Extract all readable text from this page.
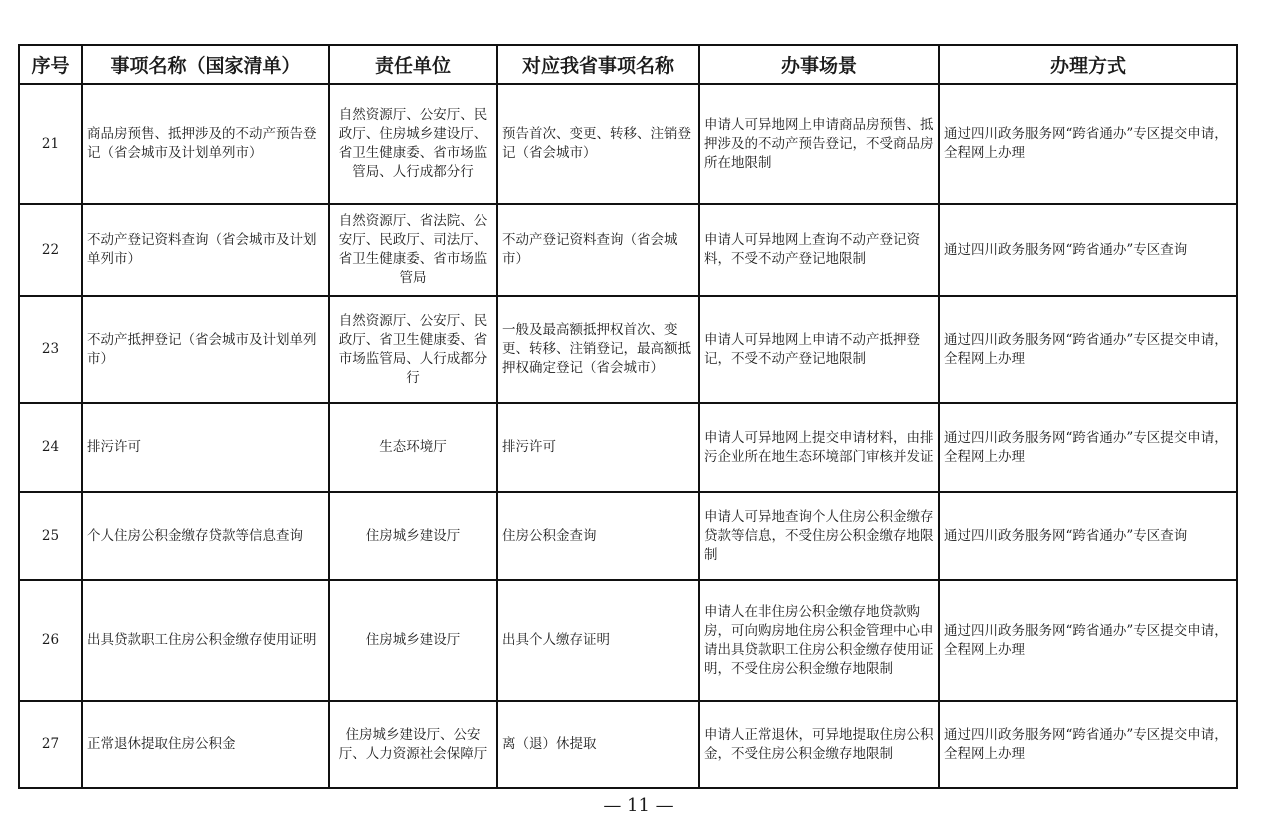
序号	事项名称（国家清单）	责任单位	对应我省事项名称	办事场景	办理方式
21	商品房预售、抵押涉及的不动产预告登记（省会城市及计划单列市）	自然资源厅、公安厅、民政厅、住房城乡建设厅、省卫生健康委、省市场监管局、人行成都分行	预告首次、变更、转移、注销登记（省会城市）	申请人可异地网上申请商品房预售、抵押涉及的不动产预告登记，不受商品房所在地限制	通过四川政务服务网“跨省通办”专区提交申请，全程网上办理
22	不动产登记资料查询（省会城市及计划单列市）	自然资源厅、省法院、公安厅、民政厅、司法厅、省卫生健康委、省市场监管局	不动产登记资料查询（省会城市）	申请人可异地网上查询不动产登记资料，不受不动产登记地限制	通过四川政务服务网“跨省通办”专区查询
23	不动产抵押登记（省会城市及计划单列市）	自然资源厅、公安厅、民政厅、省卫生健康委、省市场监管局、人行成都分行	一般及最高额抵押权首次、变更、转移、注销登记，最高额抵押权确定登记（省会城市）	申请人可异地网上申请不动产抵押登记，不受不动产登记地限制	通过四川政务服务网“跨省通办”专区提交申请，全程网上办理
24	排污许可	生态环境厅	排污许可	申请人可异地网上提交申请材料，由排污企业所在地生态环境部门审核并发证	通过四川政务服务网“跨省通办”专区提交申请，全程网上办理
25	个人住房公积金缴存贷款等信息查询	住房城乡建设厅	住房公积金查询	申请人可异地查询个人住房公积金缴存贷款等信息，不受住房公积金缴存地限制	通过四川政务服务网“跨省通办”专区查询
26	出具贷款职工住房公积金缴存使用证明	住房城乡建设厅	出具个人缴存证明	申请人在非住房公积金缴存地贷款购房，可向购房地住房公积金管理中心申请出具贷款职工住房公积金缴存使用证明，不受住房公积金缴存地限制	通过四川政务服务网“跨省通办”专区提交申请，全程网上办理
27	正常退休提取住房公积金	住房城乡建设厅、公安厅、人力资源社会保障厅	离（退）休提取	申请人正常退休，可异地提取住房公积金，不受住房公积金缴存地限制	通过四川政务服务网“跨省通办”专区提交申请，全程网上办理
— 11 —
